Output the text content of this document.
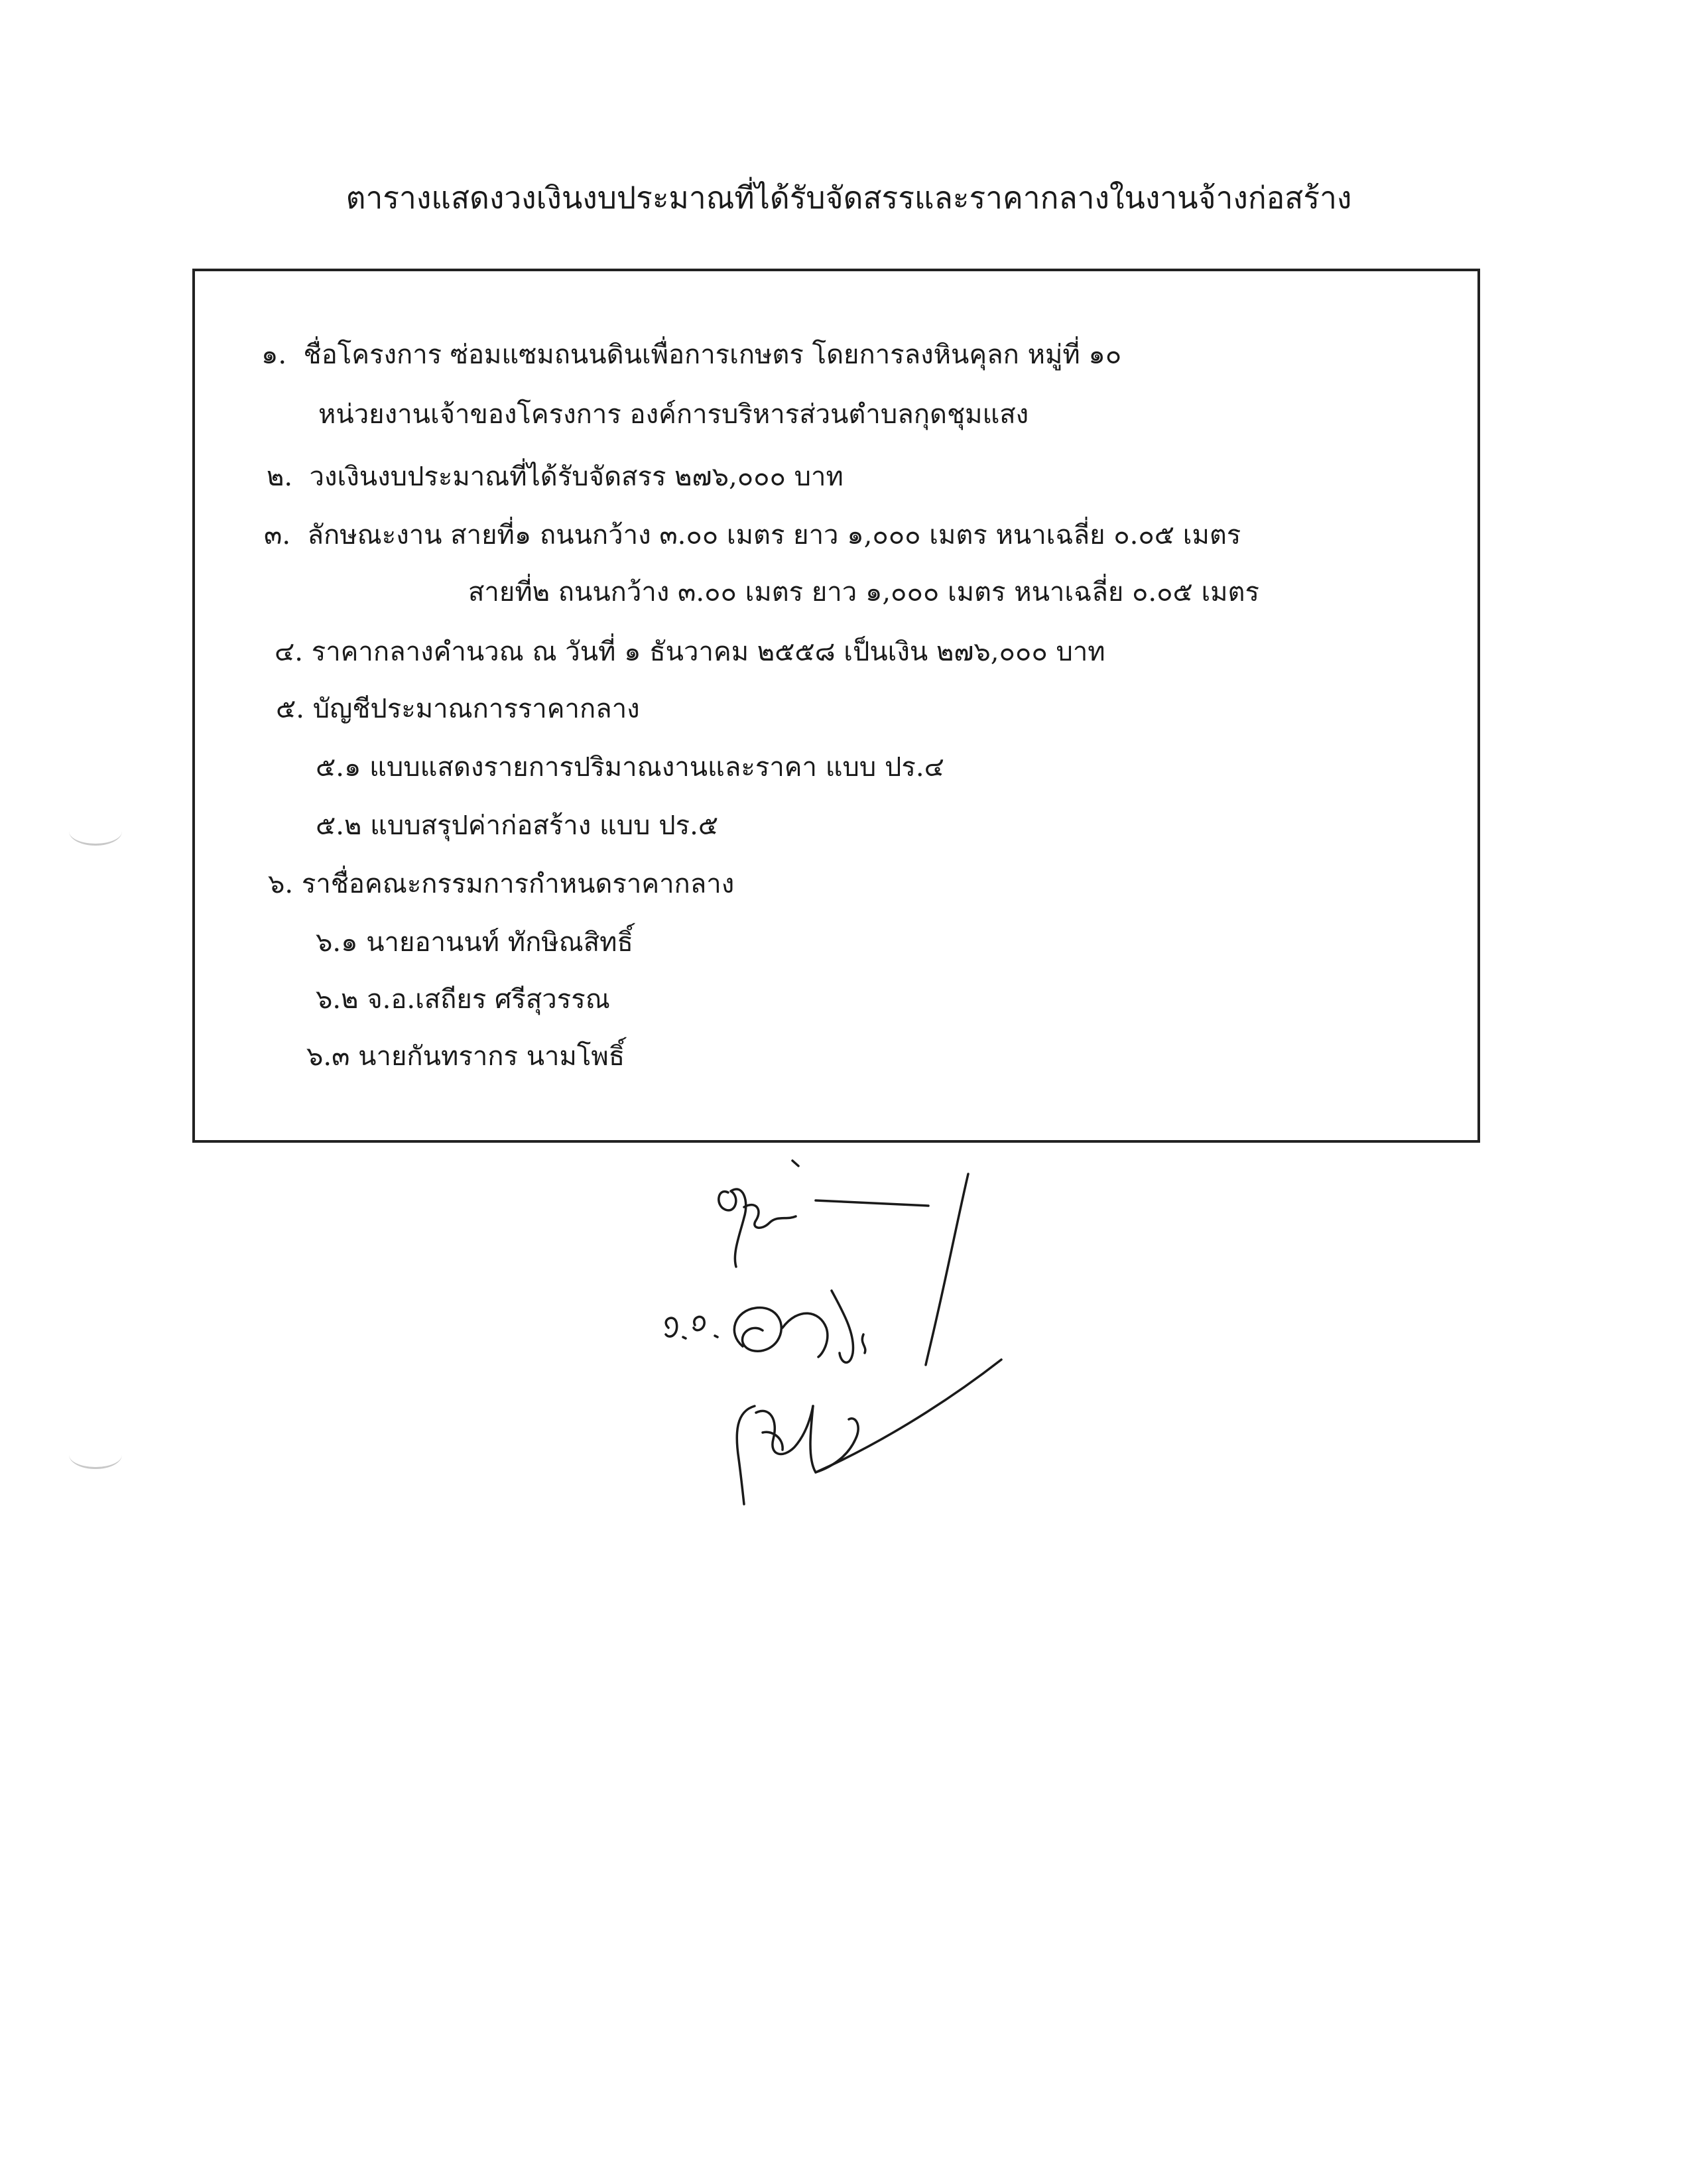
ตารางแสดงวงเงินงบประมาณที่ได้รับจัดสรรและราคากลางในงานจ้างก่อสร้าง
๑. ชื่อโครงการ ซ่อมแซมถนนดินเพื่อการเกษตร โดยการลงหินคุลก หมู่ที่ ๑๐
หน่วยงานเจ้าของโครงการ องค์การบริหารส่วนตำบลกุดชุมแสง
๒. วงเงินงบประมาณที่ได้รับจัดสรร ๒๗๖,๐๐๐ บาท
๓. ลักษณะงาน สายที่๑ ถนนกว้าง ๓.๐๐ เมตร ยาว ๑,๐๐๐ เมตร หนาเฉลี่ย ๐.๐๕ เมตร
สายที่๒ ถนนกว้าง ๓.๐๐ เมตร ยาว ๑,๐๐๐ เมตร หนาเฉลี่ย ๐.๐๕ เมตร
๔. ราคากลางคำนวณ ณ วันที่ ๑ ธันวาคม ๒๕๕๘ เป็นเงิน ๒๗๖,๐๐๐ บาท
๕. บัญชีประมาณการราคากลาง
๕.๑ แบบแสดงรายการปริมาณงานและราคา แบบ ปร.๔
๕.๒ แบบสรุปค่าก่อสร้าง แบบ ปร.๕
๖. ราชื่อคณะกรรมการกำหนดราคากลาง
๖.๑ นายอานนท์ ทักษิณสิทธิ์
๖.๒ จ.อ.เสถียร ศรีสุวรรณ
๖.๓ นายกันทรากร นามโพธิ์
